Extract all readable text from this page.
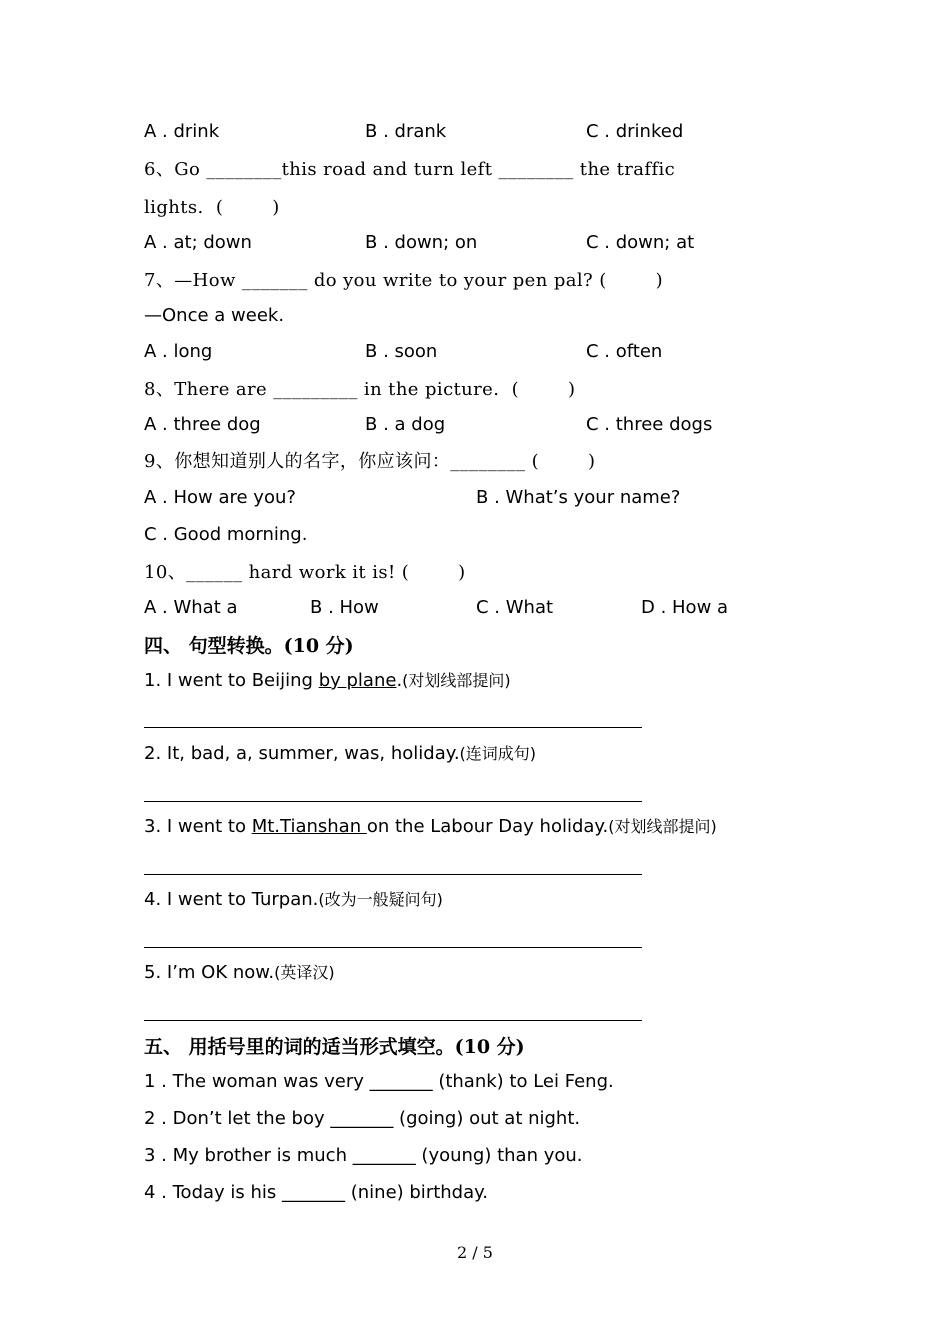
A . drink	B . drank	C . drinked
6、Go ________this road and turn left ________ the traffic
lights.  (        )
A . at; down	B . down; on	C . down; at
7、—How _______ do you write to your pen pal? (        )
—Once a week.
A . long	B . soon	C . often
8、There are _________ in the picture.  (        )
A . three dog	B . a dog	C . three dogs
9、你想知道别人的名字，你应该问：________ (        )
A . How are you?	B . What’s your name?
C . Good morning.
10、______ hard work it is! (        )
A . What a	B . How	C . What	D . How a
四、 句型转换。(10 分)
1. I went to Beijing by plane.(对划线部提问)
2. It, bad, a, summer, was, holiday.(连词成句)
3. I went to Mt.Tianshan on the Labour Day holiday.(对划线部提问)
4. I went to Turpan.(改为一般疑问句)
5. I’m OK now.(英译汉)
五、 用括号里的词的适当形式填空。(10 分)
1 . The woman was very _______ (thank) to Lei Feng.
2 . Don’t let the boy _______ (going) out at night.
3 . My brother is much _______ (young) than you.
4 . Today is his _______ (nine) birthday.
2 / 5
